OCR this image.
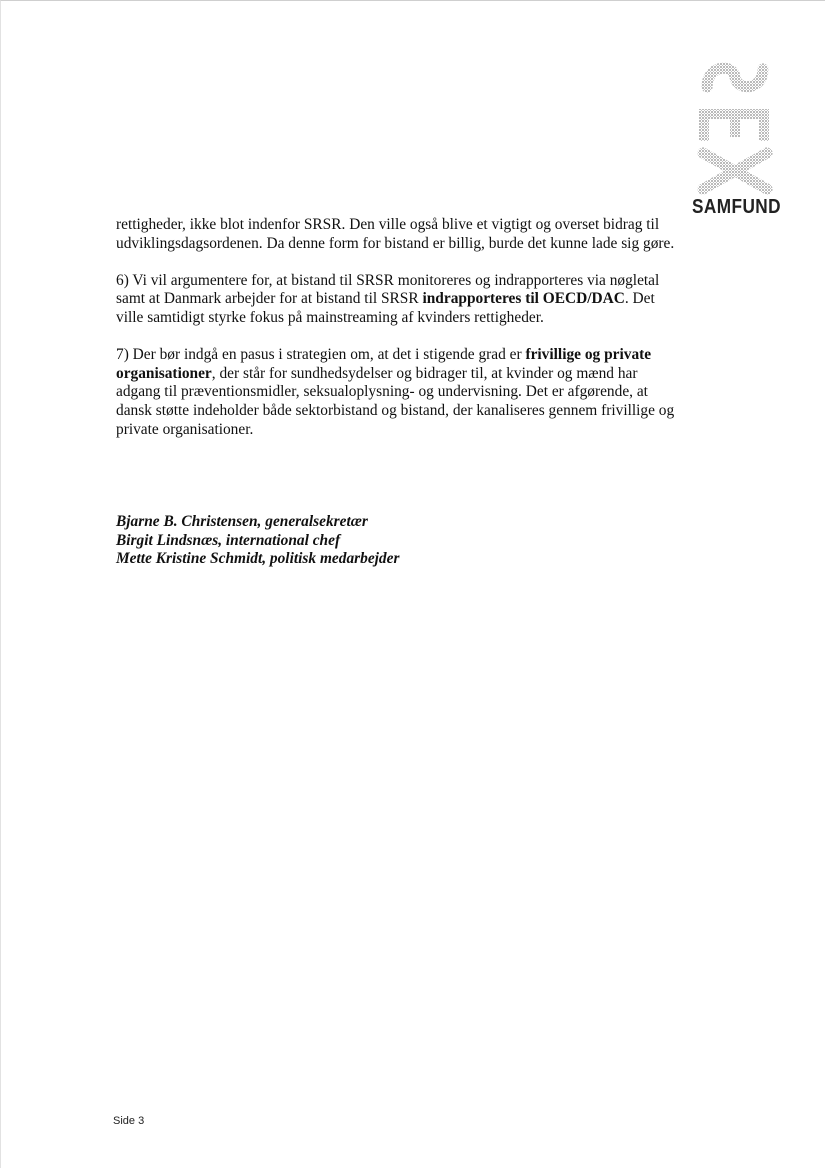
SAMFUND

rettigheder, ikke blot indenfor SRSR. Den ville også blive et vigtigt og overset bidrag til udviklingsdagsordenen. Da denne form for bistand er billig, burde det kunne lade sig gøre.

6) Vi vil argumentere for, at bistand til SRSR monitoreres og indrapporteres via nøgletal samt at Danmark arbejder for at bistand til SRSR indrapporteres til OECD/DAC. Det ville samtidigt styrke fokus på mainstreaming af kvinders rettigheder.

7) Der bør indgå en pasus i strategien om, at det i stigende grad er frivillige og private organisationer, der står for sundhedsydelser og bidrager til, at kvinder og mænd har adgang til præventionsmidler, seksualoplysning- og undervisning. Det er afgørende, at dansk støtte indeholder både sektorbistand og bistand, der kanaliseres gennem frivillige og private organisationer.

Bjarne B. Christensen, generalsekretær
Birgit Lindsnæs, international chef
Mette Kristine Schmidt, politisk medarbejder
Side 3
